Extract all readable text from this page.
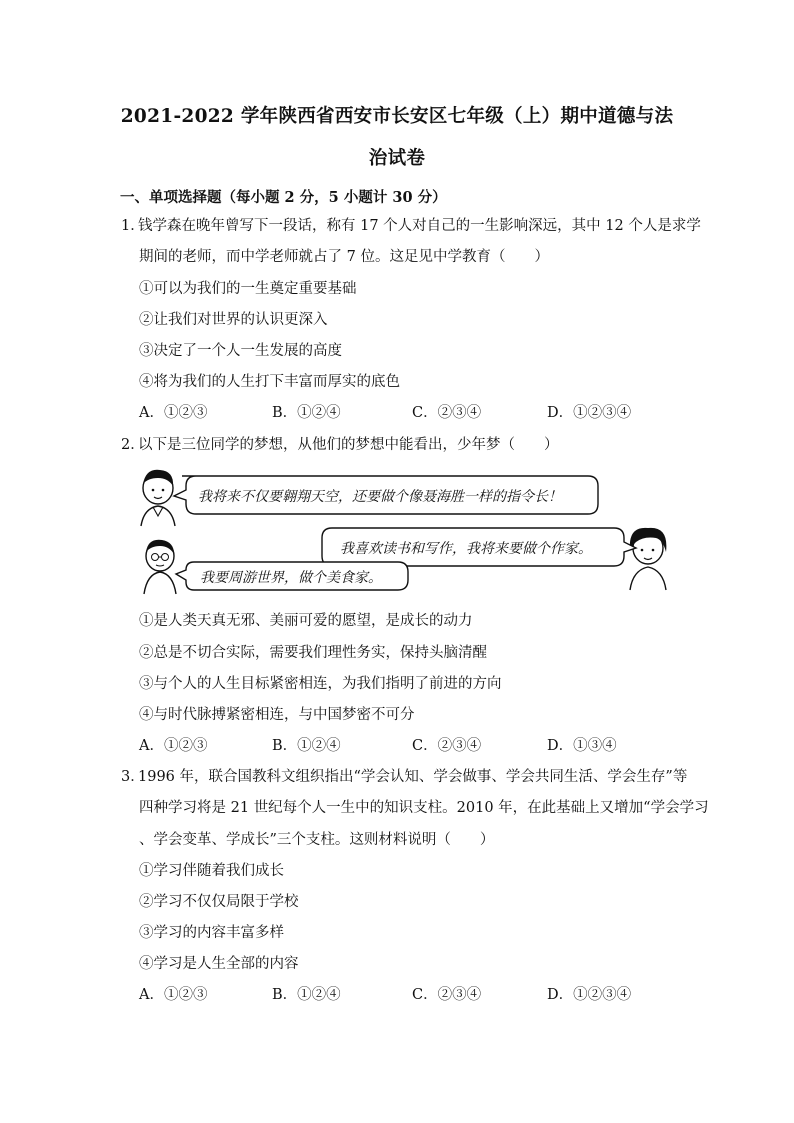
2021-2022 学年陕西省西安市长安区七年级（上）期中道德与法
治试卷
一、单项选择题（每小题 2 分，5 小题计 30 分）
1．钱学森在晚年曾写下一段话，称有 17 个人对自己的一生影响深远，其中 12 个人是求学
期间的老师，而中学老师就占了 7 位。这足见中学教育（　　）
①可以为我们的一生奠定重要基础
②让我们对世界的认识更深入
③决定了一个人一生发展的高度
④将为我们的人生打下丰富而厚实的底色
A．①②③	B．①②④	C．②③④	D．①②③④
2．以下是三位同学的梦想，从他们的梦想中能看出，少年梦（　　）
我将来不仅要翱翔天空，还要做个像聂海胜一样的指令长！
我喜欢读书和写作，我将来要做个作家。
我要周游世界，做个美食家。
①是人类天真无邪、美丽可爱的愿望，是成长的动力
②总是不切合实际，需要我们理性务实，保持头脑清醒
③与个人的人生目标紧密相连，为我们指明了前进的方向
④与时代脉搏紧密相连，与中国梦密不可分
A．①②③	B．①②④	C．②③④	D．①③④
3．1996 年，联合国教科文组织指出“学会认知、学会做事、学会共同生活、学会生存”等
四种学习将是 21 世纪每个人一生中的知识支柱。2010 年，在此基础上又增加“学会学习
、学会变革、学成长”三个支柱。这则材料说明（　　）
①学习伴随着我们成长
②学习不仅仅局限于学校
③学习的内容丰富多样
④学习是人生全部的内容
A．①②③	B．①②④	C．②③④	D．①②③④
